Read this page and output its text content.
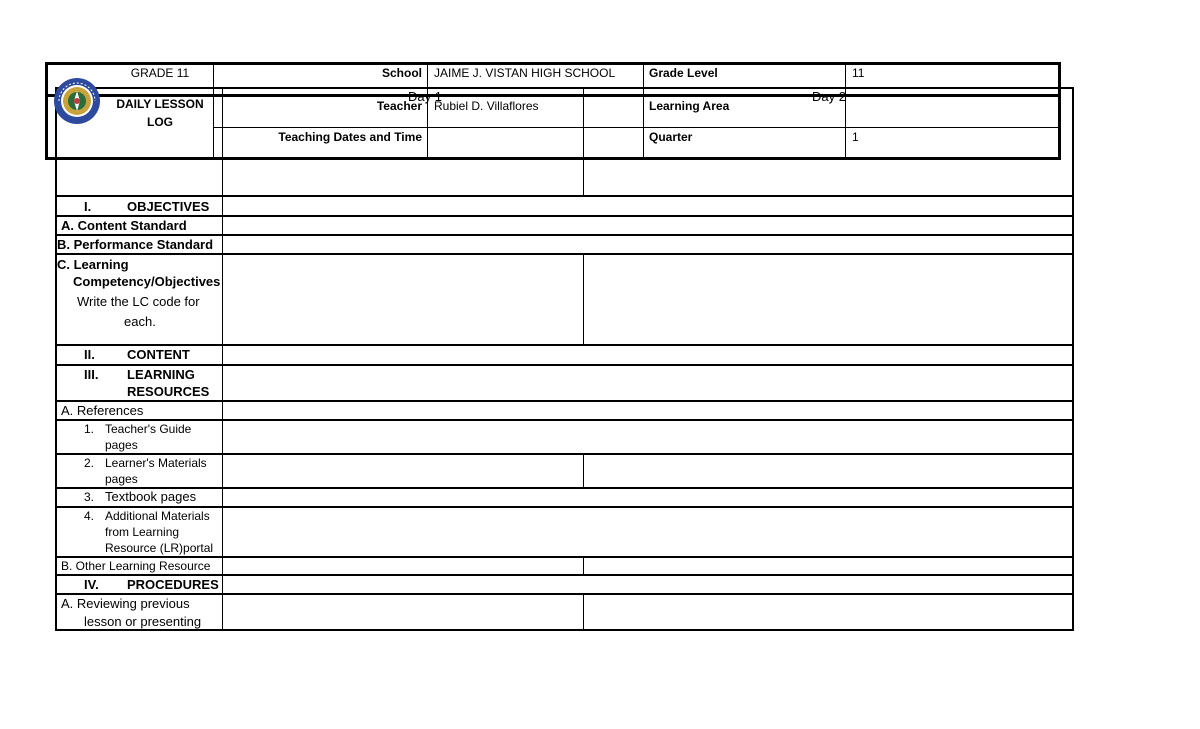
Day 1	Day 2
GRADE 11
DAILY LESSON
LOG
School JAIME J. VISTAN HIGH SCHOOL	Grade Level	11
Teacher Rubiel D. Villaflores	Learning Area
Teaching Dates and Time	Quarter	1
I.	OBJECTIVES
A. Content Standard
B. Performance Standard
C. Learning
Competency/Objectives
Write the LC code for
each.
II. CONTENT
III. LEARNING
RESOURCES
A. References
1. Teacher's Guide
pages
2. Learner's Materials
pages
3. Textbook pages
4. Additional Materials
from Learning
Resource (LR)portal
B. Other Learning Resource
IV. PROCEDURES
A. Reviewing previous
lesson or presenting
